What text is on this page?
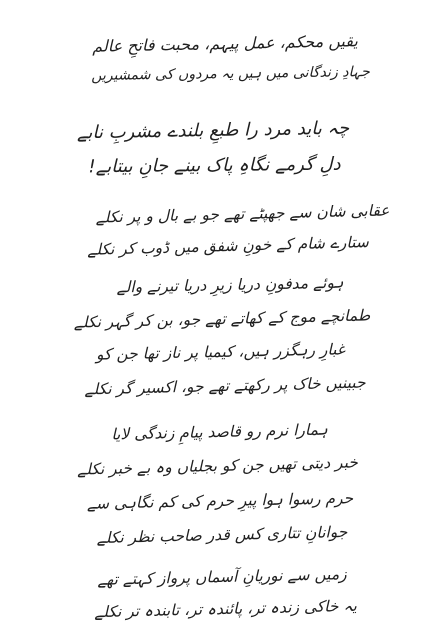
یقیں محکم، عمل پیہم، محبت فاتحِ عالم
جہادِ زندگانی میں ہیں یہ مردوں کی شمشیریں
چہ باید مرد را طبعِ بلندے مشربِ نابے
دلِ گرمے نگاہِ پاک بینے جانِ بیتابے!
عقابی شان سے جھپٹے تھے جو بے بال و پر نکلے
ستارے شام کے خونِ شفق میں ڈوب کر نکلے
ہوئے مدفونِ دریا زیرِ دریا تیرنے والے
طمانچے موج کے کھاتے تھے جو، بن کر گہر نکلے
غبارِ رہگزر ہیں، کیمیا پر ناز تھا جن کو
جبینیں خاک پر رکھتے تھے جو، اکسیر گر نکلے
ہمارا نرم رو قاصد پیامِ زندگی لایا
خبر دیتی تھیں جن کو بجلیاں وہ بے خبر نکلے
حرم رسوا ہوا پیرِ حرم کی کم نگاہی سے
جوانانِ تتاری کس قدر صاحب نظر نکلے
زمیں سے نوریانِ آسماں پرواز کہتے تھے
یہ خاکی زندہ تر، پائندہ تر، تابندہ تر نکلے
